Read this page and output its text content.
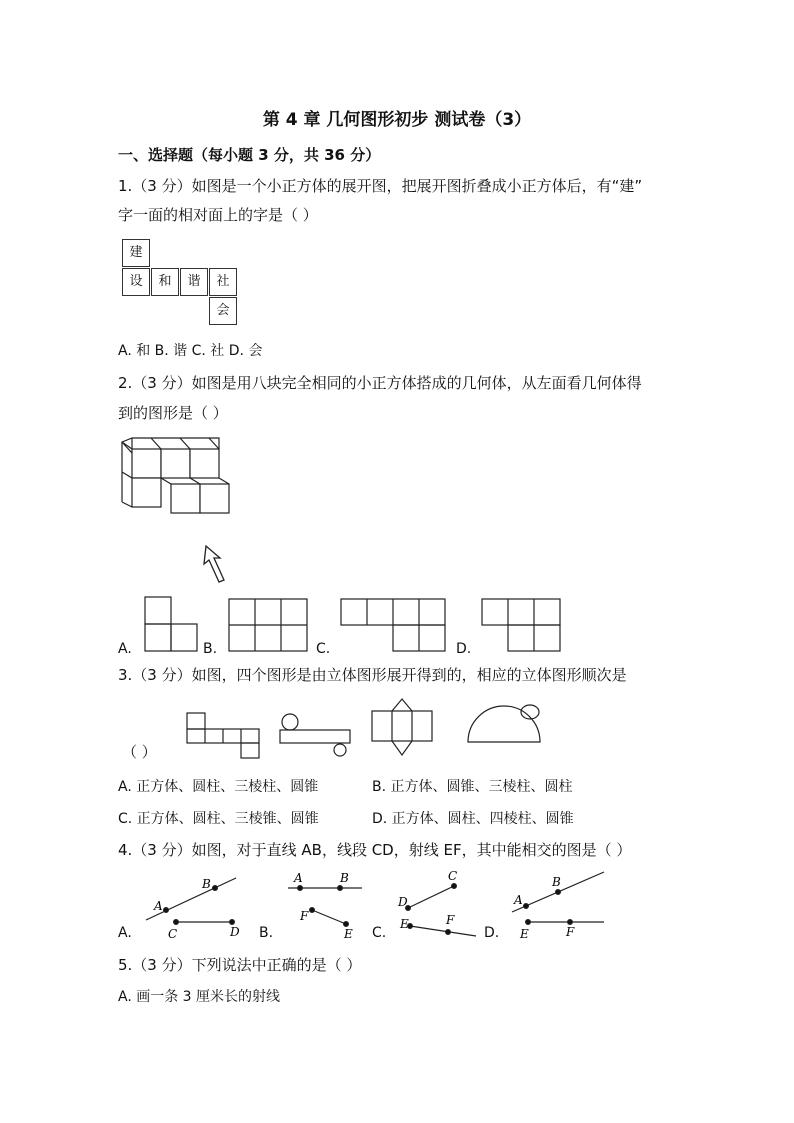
第 4 章 几何图形初步 测试卷（3）
一、选择题（每小题 3 分，共 36 分）
1.（3 分）如图是一个小正方体的展开图，把展开图折叠成小正方体后，有“建”
字一面的相对面上的字是（ ）
建
设	和	谐	社
会
A. 和 B. 谐 C. 社 D. 会
2.（3 分）如图是用八块完全相同的小正方体搭成的几何体，从左面看几何体得
到的图形是（ ）
A.	B.	C.	D.
3.（3 分）如图，四个图形是由立体图形展开得到的，相应的立体图形顺次是
（ ）
A. 正方体、圆柱、三棱柱、圆锥	B. 正方体、圆锥、三棱柱、圆柱
C. 正方体、圆柱、三棱锥、圆锥	D. 正方体、圆柱、四棱柱、圆锥
4.（3 分）如图，对于直线 AB，线段 CD，射线 EF，其中能相交的图是（ ）
A.
A
B
C	D B.
A	B
F
E C.
D
C
E	F
D.
A
B
E	F
5.（3 分）下列说法中正确的是（ ）
A. 画一条 3 厘米长的射线
